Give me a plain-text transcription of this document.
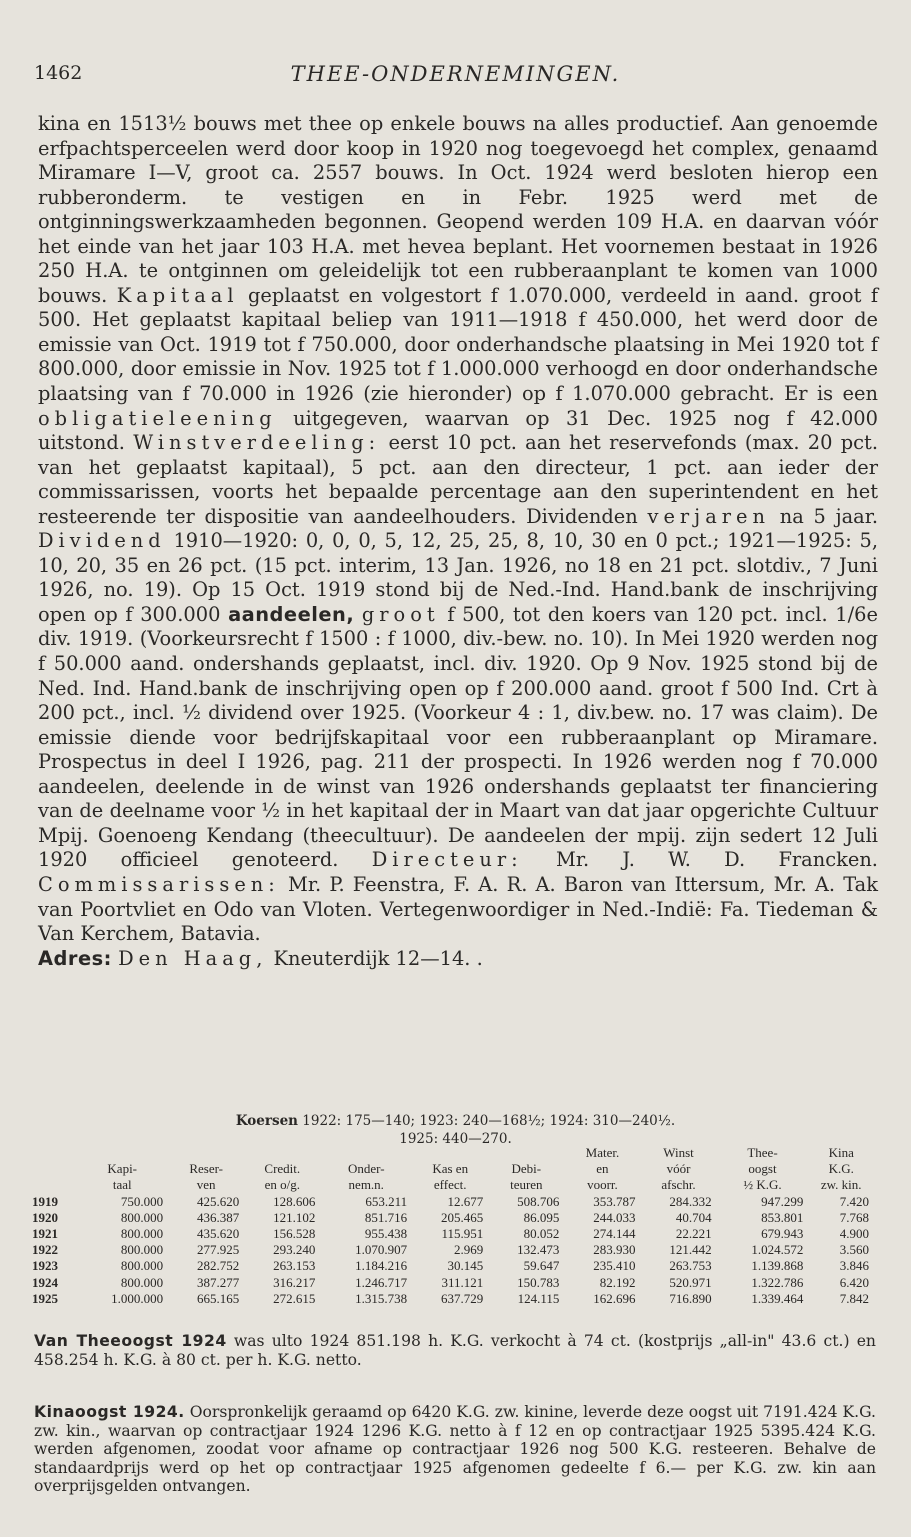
1462	THEE-ONDERNEMINGEN.

kina en 1513½ bouws met thee op enkele bouws na alles productief. Aan genoemde erfpachtsperceelen werd door koop in 1920 nog toegevoegd het complex, genaamd Miramare I—V, groot ca. 2557 bouws. In Oct. 1924 werd besloten hierop een rubberonderm. te vestigen en in Febr. 1925 werd met de ontginningswerkzaamheden begonnen. Geopend werden 109 H.A. en daarvan vóór het einde van het jaar 103 H.A. met hevea beplant. Het voornemen bestaat in 1926 250 H.A. te ontginnen om geleidelijk tot een rubberaanplant te komen van 1000 bouws. Kapitaal geplaatst en volgestort f 1.070.000, verdeeld in aand. groot f 500. Het geplaatst kapitaal beliep van 1911—1918 f 450.000, het werd door de emissie van Oct. 1919 tot f 750.000, door onderhandsche plaatsing in Mei 1920 tot f 800.000, door emissie in Nov. 1925 tot f 1.000.000 verhoogd en door onderhandsche plaatsing van f 70.000 in 1926 (zie hieronder) op f 1.070.000 gebracht. Er is een obligatieleening uitgegeven, waarvan op 31 Dec. 1925 nog f 42.000 uitstond. Winstverdeeling: eerst 10 pct. aan het reservefonds (max. 20 pct. van het geplaatst kapitaal), 5 pct. aan den directeur, 1 pct. aan ieder der commissarissen, voorts het bepaalde percentage aan den superintendent en het resteerende ter dispositie van aandeelhouders. Dividenden verjaren na 5 jaar. Dividend 1910—1920: 0, 0, 0, 5, 12, 25, 25, 8, 10, 30 en 0 pct.; 1921—1925: 5, 10, 20, 35 en 26 pct. (15 pct. interim, 13 Jan. 1926, no 18 en 21 pct. slotdiv., 7 Juni 1926, no. 19). Op 15 Oct. 1919 stond bij de Ned.-Ind. Hand.bank de inschrijving open op f 300.000 aandeelen, groot f 500, tot den koers van 120 pct. incl. 1/6e div. 1919. (Voorkeursrecht f 1500 : f 1000, div.-bew. no. 10). In Mei 1920 werden nog f 50.000 aand. ondershands geplaatst, incl. div. 1920. Op 9 Nov. 1925 stond bij de Ned. Ind. Hand.bank de inschrijving open op f 200.000 aand. groot f 500 Ind. Crt à 200 pct., incl. ½ dividend over 1925. (Voorkeur 4 : 1, div.bew. no. 17 was claim). De emissie diende voor bedrijfskapitaal voor een rubberaanplant op Miramare. Prospectus in deel I 1926, pag. 211 der prospecti. In 1926 werden nog f 70.000 aandeelen, deelende in de winst van 1926 ondershands geplaatst ter financiering van de deelname voor ½ in het kapitaal der in Maart van dat jaar opgerichte Cultuur Mpij. Goenoeng Kendang (theecultuur). De aandeelen der mpij. zijn sedert 12 Juli 1920 officieel genoteerd. Directeur: Mr. J. W. D. Francken. Commissarissen: Mr. P. Feenstra, F. A. R. A. Baron van Ittersum, Mr. A. Tak van Poortvliet en Odo van Vloten. Vertegenwoordiger in Ned.-Indië: Fa. Tiedeman & Van Kerchem, Batavia.

Adres: Den Haag, Kneuterdijk 12—14. .

Koersen 1922: 175—140; 1923: 240—168½; 1924: 310—240½.
1925: 440—270.
							Mater.	Winst	Thee-	Kina
	Kapi-	Reser-	Credit.	Onder-	Kas en	Debi-	en	vóór	oogst	K.G.
	taal	ven	en o/g.	nem.n.	effect.	teuren	voorr.	afschr.	½ K.G.	zw. kin.
1919	750.000	425.620	128.606	653.211	12.677	508.706	353.787	284.332	947.299	7.420
1920	800.000	436.387	121.102	851.716	205.465	86.095	244.033	40.704	853.801	7.768
1921	800.000	435.620	156.528	955.438	115.951	80.052	274.144	22.221	679.943	4.900
1922	800.000	277.925	293.240	1.070.907	2.969	132.473	283.930	121.442	1.024.572	3.560
1923	800.000	282.752	263.153	1.184.216	30.145	59.647	235.410	263.753	1.139.868	3.846
1924	800.000	387.277	316.217	1.246.717	311.121	150.783	82.192	520.971	1.322.786	6.420
1925	1.000.000	665.165	272.615	1.315.738	637.729	124.115	162.696	716.890	1.339.464	7.842

Van Theeoogst 1924 was ulto 1924 851.198 h. K.G. verkocht à 74 ct. (kostprijs „all-in" 43.6 ct.) en 458.254 h. K.G. à 80 ct. per h. K.G. netto.

Kinaoogst 1924. Oorspronkelijk geraamd op 6420 K.G. zw. kinine, leverde deze oogst uit 7191.424 K.G. zw. kin., waarvan op contractjaar 1924 1296 K.G. netto à f 12 en op contractjaar 1925 5395.424 K.G. werden afgenomen, zoodat voor afname op contractjaar 1926 nog 500 K.G. resteeren. Behalve de standaardprijs werd op het op contractjaar 1925 afgenomen gedeelte f 6.— per K.G. zw. kin aan overprijsgelden ontvangen.
